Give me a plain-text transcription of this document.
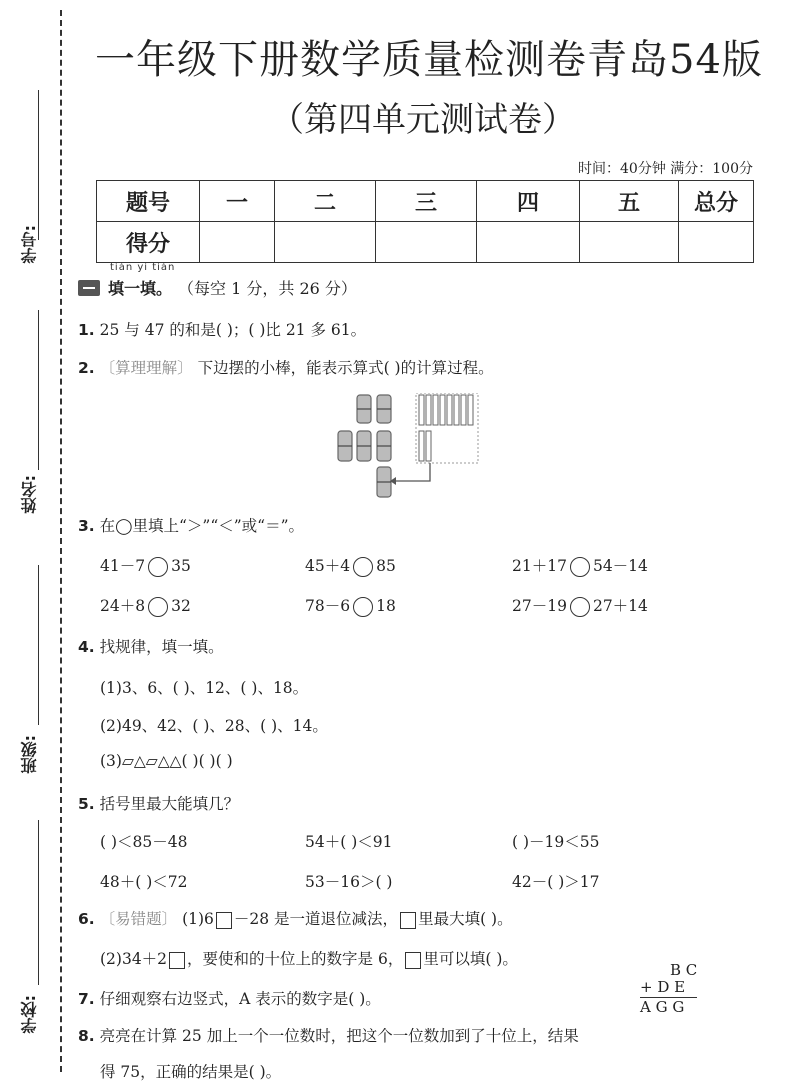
学号:
姓名:
班级:
学校:
一年级下册数学质量检测卷青岛54版
（第四单元测试卷）
时间：40分钟 满分：100分
题号	一	二	三	四	五	总分
得分						
tián yi tián
填一填。 （每空 1 分，共 26 分）
1. 25 与 47 的和是( )；( )比 21 多 61。
2. 〔算理理解〕 下边摆的小棒，能表示算式( )的计算过程。
3. 在◯里填上“＞”“＜”或“＝”。
41－7 35	45＋4 85	21＋17 54－14
24＋8 32	78－6 18	27－19 27＋14
4. 找规律，填一填。
(1)3、6、( )、12、( )、18。
(2)49、42、( )、28、( )、14。
(3)▱△▱△△( )( )( )
5. 括号里最大能填几？
( )＜85－48	54＋( )＜91	( )－19＜55
48＋( )＜72	53－16＞( )	42－( )＞17
6. 〔易错题〕 (1)6 －28 是一道退位减法， 里最大填( )。
(2)34＋2 ，要使和的十位上的数字是 6， 里可以填( )。
7. 仔细观察右边竖式，A 表示的数字是( )。
B C
+ D E
A G G
8. 亮亮在计算 25 加上一个一位数时，把这个一位数加到了十位上，结果
得 75，正确的结果是( )。
